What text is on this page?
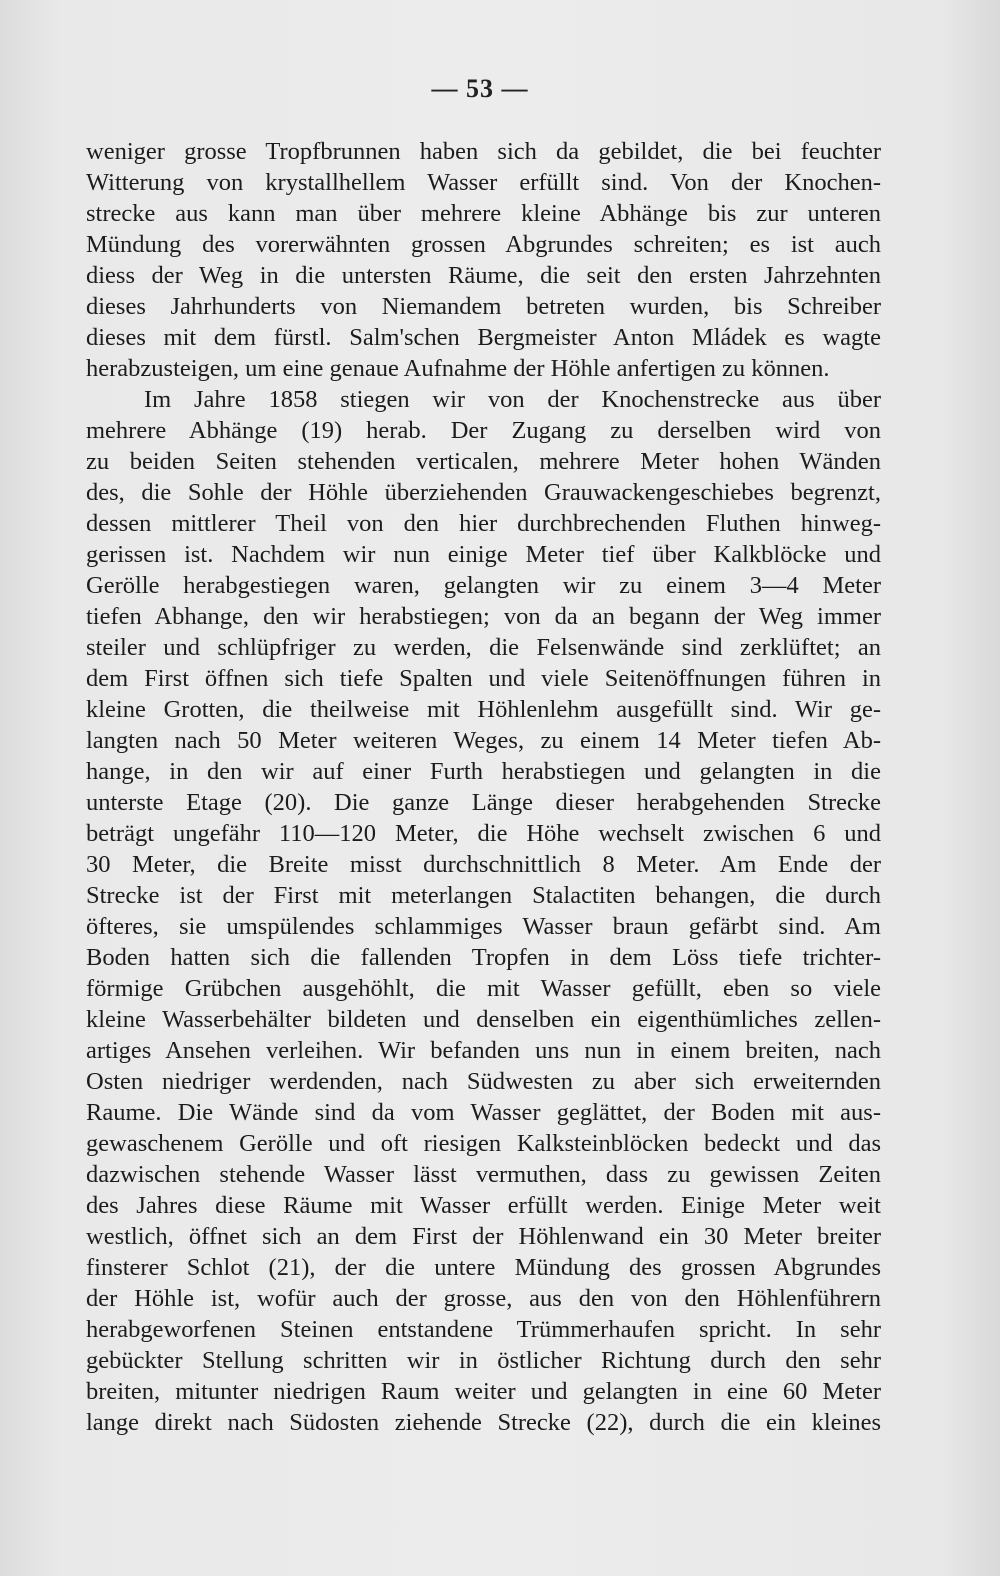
— 53 —
weniger grosse Tropfbrunnen haben sich da gebildet, die bei feuchter
Witterung von krystallhellem Wasser erfüllt sind. Von der Knochen-
strecke aus kann man über mehrere kleine Abhänge bis zur unteren
Mündung des vorerwähnten grossen Abgrundes schreiten; es ist auch
diess der Weg in die untersten Räume, die seit den ersten Jahrzehnten
dieses Jahrhunderts von Niemandem betreten wurden, bis Schreiber
dieses mit dem fürstl. Salm'schen Bergmeister Anton Mládek es wagte
herabzusteigen, um eine genaue Aufnahme der Höhle anfertigen zu können.
Im Jahre 1858 stiegen wir von der Knochenstrecke aus über
mehrere Abhänge (19) herab. Der Zugang zu derselben wird von
zu beiden Seiten stehenden verticalen, mehrere Meter hohen Wänden
des, die Sohle der Höhle überziehenden Grauwackengeschiebes begrenzt,
dessen mittlerer Theil von den hier durchbrechenden Fluthen hinweg-
gerissen ist. Nachdem wir nun einige Meter tief über Kalkblöcke und
Gerölle herabgestiegen waren, gelangten wir zu einem 3—4 Meter
tiefen Abhange, den wir herabstiegen; von da an begann der Weg immer
steiler und schlüpfriger zu werden, die Felsenwände sind zerklüftet; an
dem First öffnen sich tiefe Spalten und viele Seitenöffnungen führen in
kleine Grotten, die theilweise mit Höhlenlehm ausgefüllt sind. Wir ge-
langten nach 50 Meter weiteren Weges, zu einem 14 Meter tiefen Ab-
hange, in den wir auf einer Furth herabstiegen und gelangten in die
unterste Etage (20). Die ganze Länge dieser herabgehenden Strecke
beträgt ungefähr 110—120 Meter, die Höhe wechselt zwischen 6 und
30 Meter, die Breite misst durchschnittlich 8 Meter. Am Ende der
Strecke ist der First mit meterlangen Stalactiten behangen, die durch
öfteres, sie umspülendes schlammiges Wasser braun gefärbt sind. Am
Boden hatten sich die fallenden Tropfen in dem Löss tiefe trichter-
förmige Grübchen ausgehöhlt, die mit Wasser gefüllt, eben so viele
kleine Wasserbehälter bildeten und denselben ein eigenthümliches zellen-
artiges Ansehen verleihen. Wir befanden uns nun in einem breiten, nach
Osten niedriger werdenden, nach Südwesten zu aber sich erweiternden
Raume. Die Wände sind da vom Wasser geglättet, der Boden mit aus-
gewaschenem Gerölle und oft riesigen Kalksteinblöcken bedeckt und das
dazwischen stehende Wasser lässt vermuthen, dass zu gewissen Zeiten
des Jahres diese Räume mit Wasser erfüllt werden. Einige Meter weit
westlich, öffnet sich an dem First der Höhlenwand ein 30 Meter breiter
finsterer Schlot (21), der die untere Mündung des grossen Abgrundes
der Höhle ist, wofür auch der grosse, aus den von den Höhlenführern
herabgeworfenen Steinen entstandene Trümmerhaufen spricht. In sehr
gebückter Stellung schritten wir in östlicher Richtung durch den sehr
breiten, mitunter niedrigen Raum weiter und gelangten in eine 60 Meter
lange direkt nach Südosten ziehende Strecke (22), durch die ein kleines
